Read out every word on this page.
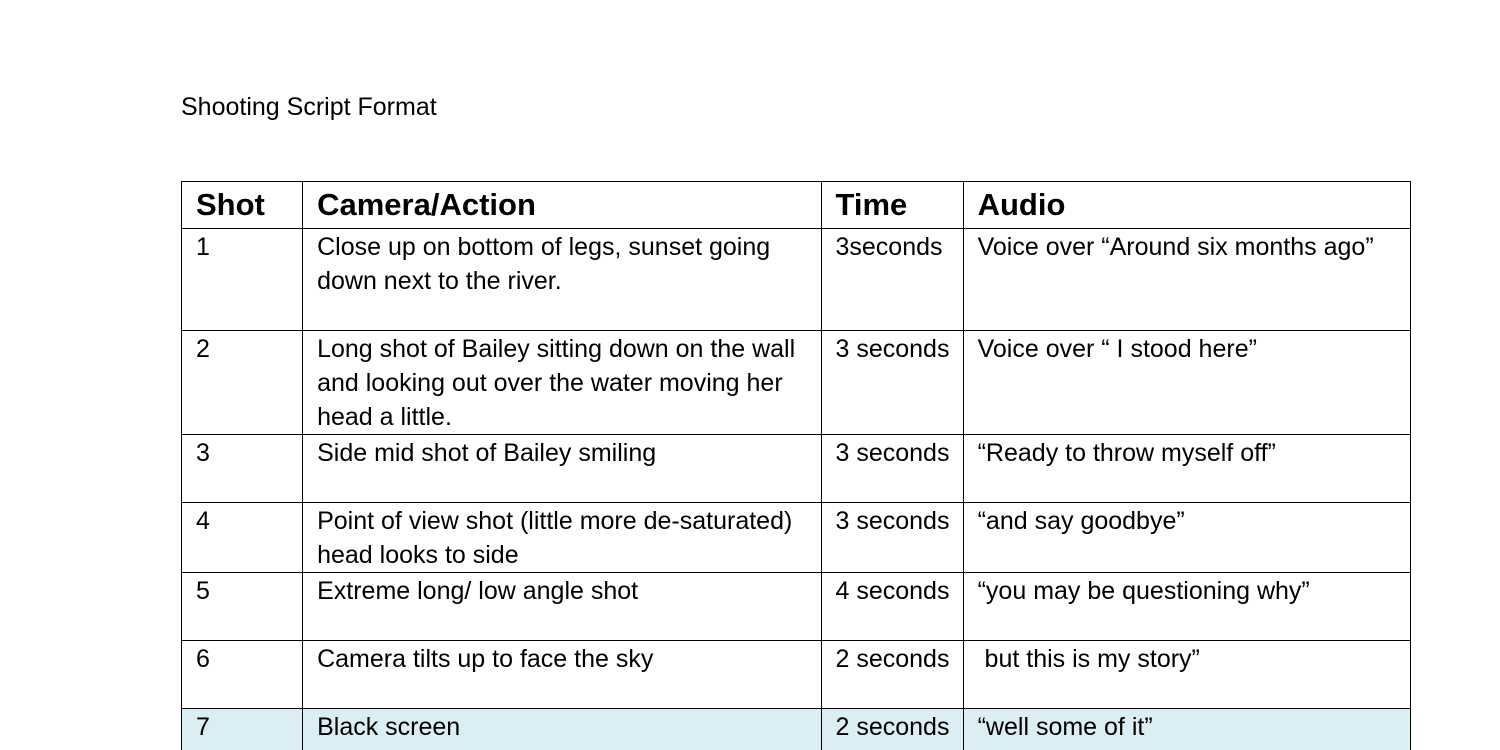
Shooting Script Format
Shot	Camera/Action	Time	Audio
1	Close up on bottom of legs, sunset going down next to the river.	3seconds	Voice over “Around six months ago”
2	Long shot of Bailey sitting down on the wall and looking out over the water moving her head a little.	3 seconds	Voice over “ I stood here”
3	Side mid shot of Bailey smiling	3 seconds	“Ready to throw myself off”
4	Point of view shot (little more de-saturated) head looks to side	3 seconds	“and say goodbye”
5	Extreme long/ low angle shot	4 seconds	“you may be questioning why”
6	Camera tilts up to face the sky	2 seconds	but this is my story”
7	Black screen	2 seconds	“well some of it”
